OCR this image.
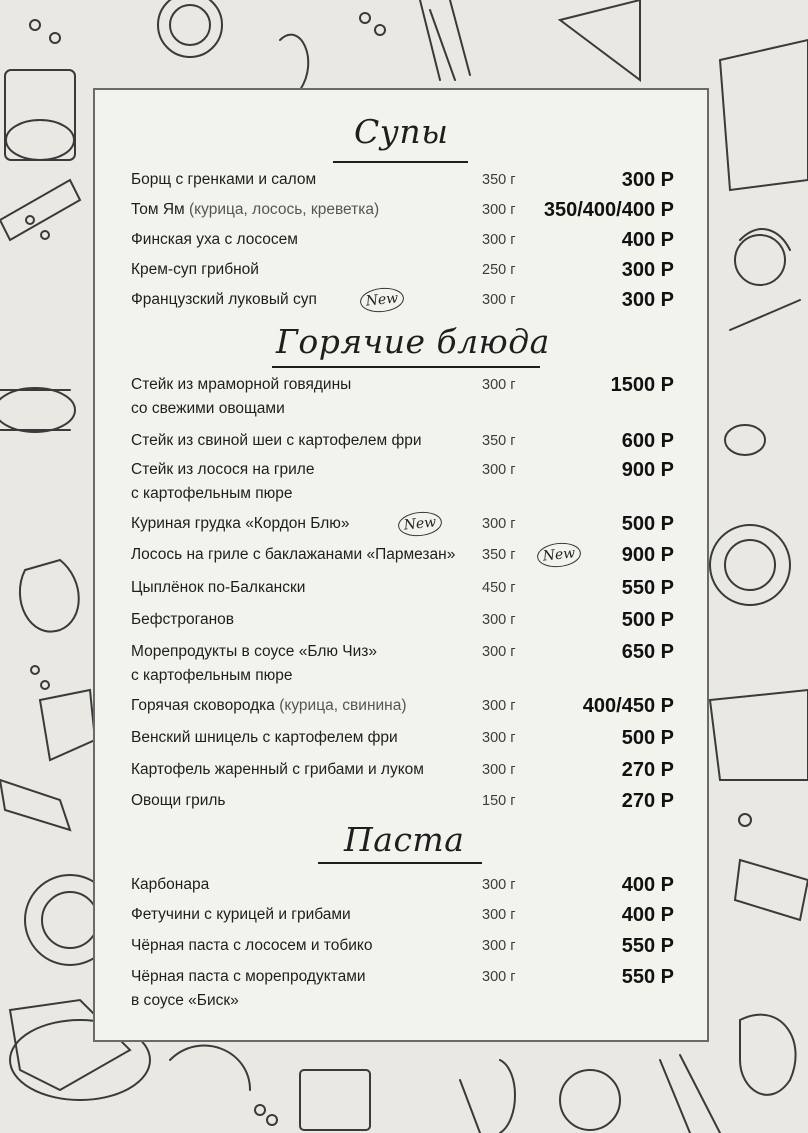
Супы
Борщ с гренками и салом	350 г	300 Р
Том Ям (курица, лосось, креветка)	300 г 350/400/400 Р
Финская уха с лососем	300 г	400 Р
Крем-суп грибной	250 г	300 Р
Французский луковый суп	300 г	300 Р
New
Горячие блюда
Стейк из мраморной говядины
со свежими овощами
300 г	1500 Р
Стейк из свиной шеи с картофелем фри	350 г	600 Р
Стейк из лосося на гриле
с картофельным пюре
300 г	900 Р
Куриная грудка «Кордон Блю»	300 г	500 Р
New
Лосось на гриле с баклажанами «Пармезан» 350 г	900 Р
New
Цыплёнок по-Балкански	450 г	550 Р
Бефстроганов	300 г	500 Р
Морепродукты в соусе «Блю Чиз»
с картофельным пюре
300 г	650 Р
Горячая сковородка (курица, свинина)	300 г	400/450 Р
Венский шницель с картофелем фри	300 г	500 Р
Картофель жаренный с грибами и луком	300 г	270 Р
Овощи гриль	150 г	270 Р
Паста
Карбонара	300 г	400 Р
Фетучини с курицей и грибами	300 г	400 Р
Чёрная паста с лососем и тобико	300 г	550 Р
Чёрная паста с морепродуктами
в соусе «Биск»
300 г	550 Р
